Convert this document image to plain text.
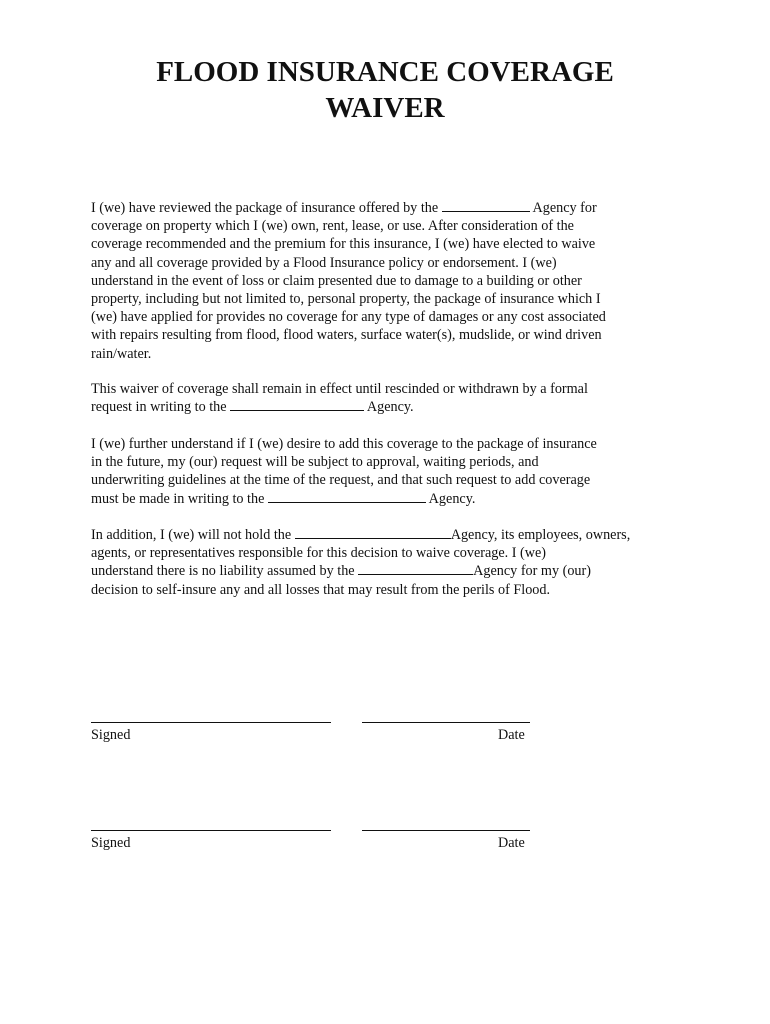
FLOOD INSURANCE COVERAGE
WAIVER

I (we) have reviewed the package of insurance offered by the	Agency for

coverage on property which I (we) own, rent, lease, or use. After consideration of the

coverage recommended and the premium for this insurance, I (we) have elected to waive

any and all coverage provided by a Flood Insurance policy or endorsement. I (we)

understand in the event of loss or claim presented due to damage to a building or other

property, including but not limited to, personal property, the package of insurance which I

(we) have applied for provides no coverage for any type of damages or any cost associated

with repairs resulting from flood, flood waters, surface water(s), mudslide, or wind driven

rain/water.

This waiver of coverage shall remain in effect until rescinded or withdrawn by a formal

request in writing to the	Agency.

I (we) further understand if I (we) desire to add this coverage to the package of insurance

in the future, my (our) request will be subject to approval, waiting periods, and

underwriting guidelines at the time of the request, and that such request to add coverage

must be made in writing to the	Agency.

In addition, I (we) will not hold the	Agency, its employees, owners,

agents, or representatives responsible for this decision to waive coverage. I (we)

understand there is no liability assumed by the	Agency for my (our)

decision to self-insure any and all losses that may result from the perils of Flood.

Signed	Date
Signed	Date
